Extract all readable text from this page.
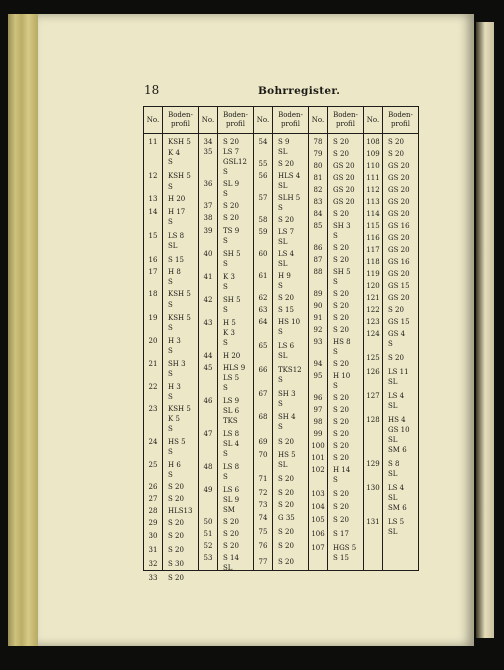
18	Bohrregister.
No.
Boden-
profil
11	KSH 5
K 4
S
12	KSH 5
S
13	H 20
14	H 17
S
15	LS 8
SL
16	S 15
17	H 8
S
18	KSH 5
S
19	KSH 5
S
20	H 3
S
21	SH 3
S
22	H 3
S
23	KSH 5
K 5
S
24	ĤS 5
S
25	H 6
S
26	S 20
27	S 20
28	HLS13
29	S 20
30	S 20
31	S 20
32	S 30
33	S 20
No.
Boden-
profil
34	S 20
35	LS 7
GSL12
S
36	SL 9
S
37	S 20
38	S 20
39	T̂S 9
S
40	SH 5
S
41	K 3
S
42	ŜH 5
S
43	H 5
K 3
S
44	H 20
45	HLS 9
LS 5
S
46	LS 9
SL 6
T̂KS
47	LS 8
SL 4
S
48	LS 8
S
49	LS 6
SL 9
SM
50	S 20
51	S 20
52	S 20
53	S 14
SL
No.
Boden-
profil
54	S 9
SL
55	S 20
56	HLS 4
SL
57	SLH 5
S
58	S 20
59	LS 7
SL
60	LS 4
SL
61	H 9
S
62	S 20
63	S 15
64	HS 10
S
65	LS 6
SL
66	T̂KS12
S
67	SH 3
S
68	SH 4
S
69	S 20
70	HS 5
SL
71	S 20
72	S 20
73	S 20
74	G 35
75	S 20
76	S 20
77	S 20
No.
Boden-
profil
78	S 20
79	S 20
80	GS 20
81	GS 20
82	GS 20
83	GS 20
84	S 20
85	SH 3
S
86	S 20
87	S 20
88	SH 5
S
89	S 20
90	S 20
91	S 20
92	S 20
93	HS 8
S
94	S 20
95	H 10
S
96	S 20
97	S 20
98	S 20
99	S 20
100	S 20
101	S 20
102	H 14
S
103	S 20
104	S 20
105	S 20
106	S 17
107	ĤGS 5
S 15
No.
Boden-
profil
108	S 20
109	S 20
110	ĜS 20
111	ĜS 20
112	ĜS 20
113	ĜS 20
114	GS 20
115	GS 16
116	GS 20
117	GS 20
118	GS 16
119	ĜS 20
120	ĜS 15
121	ĜS 20
122	S 20
123	ĜS 15
124	ĜS 4
S
125	S 20
126	LS 11
SL
127	LS 4
SL
128	ĤS 4
ĜS 10
SL
SM 6
129	S 8
SL
130	LS 4
SL
SM 6
131	LS 5
SL
